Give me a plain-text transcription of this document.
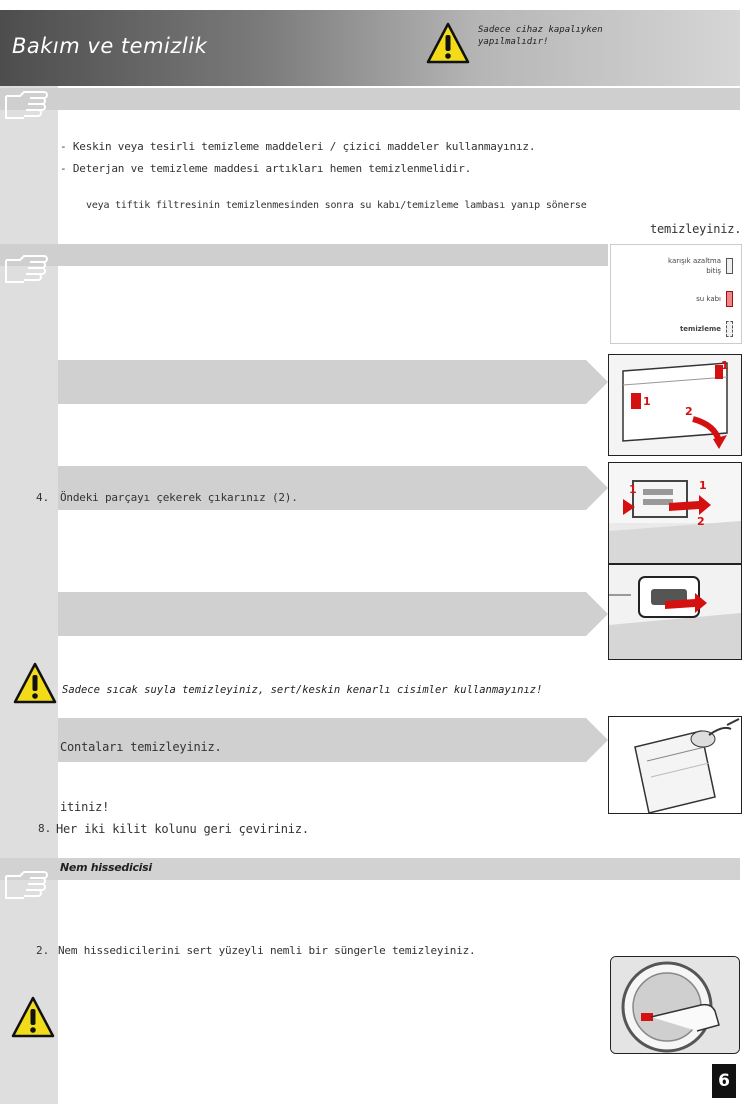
Bakım ve temizlik
Sadece cihaz kapalıyken yapılmalıdır!
- Keskin veya tesirli temizleme maddeleri / çizici maddeler kullanmayınız.
- Deterjan ve temizleme maddesi artıkları hemen temizlenmelidir.
veya tiftik filtresinin temizlenmesinden sonra su kabı/temizleme lambası yanıp sönerse
temizleyiniz.
karışık azaltma
bitiş
su kabı
temizleme
1
1
2
1	1
2
4. Öndeki parçayı çekerek çıkarınız (2).
Sadece sıcak suyla temizleyiniz, sert/keskin kenarlı cisimler kullanmayınız!
Contaları temizleyiniz.
itiniz!
8. Her iki kilit kolunu geri çeviriniz.
Nem hissedicisi
2. Nem hissedicilerini sert yüzeyli nemli bir süngerle temizleyiniz.
6
